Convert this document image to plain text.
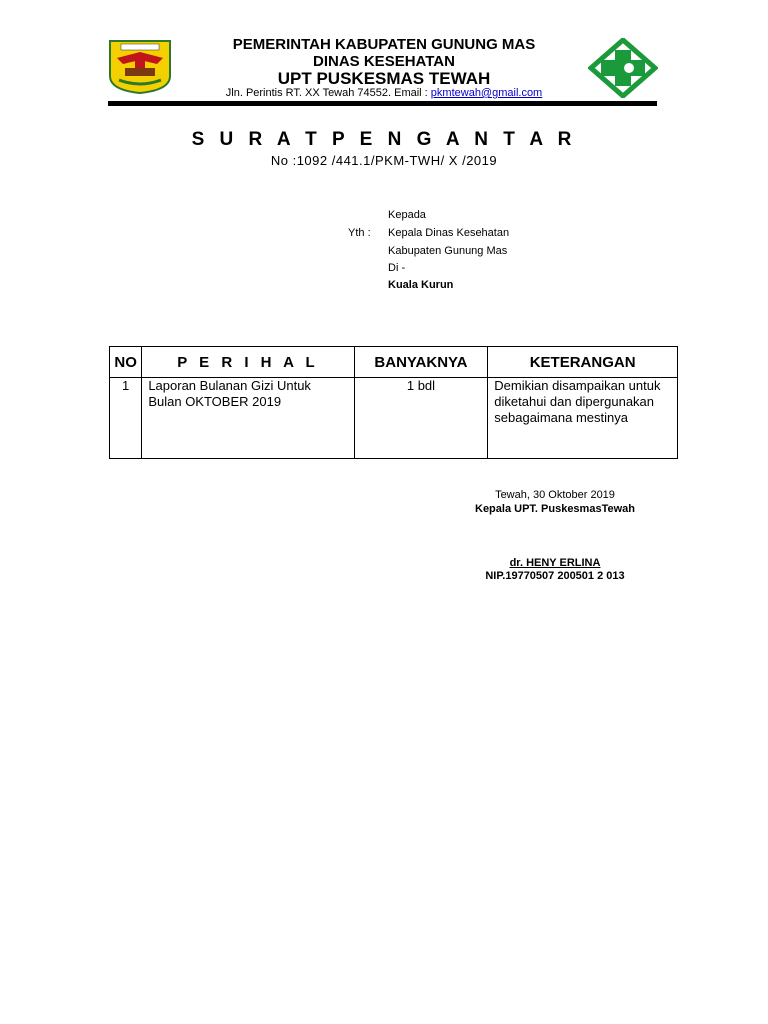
PEMERINTAH KABUPATEN GUNUNG MAS
DINAS KESEHATAN
UPT PUSKESMAS TEWAH
Jln. Perintis RT. XX Tewah 74552. Email : pkmtewah@gmail.com
S U R A T P E N G A N T A R
No :1092 /441.1/PKM-TWH/ X /2019
Kepada
Yth : Kepala Dinas Kesehatan
Kabupaten Gunung Mas
Di -
Kuala Kurun
NO	P E R I H A L	BANYAKNYA	KETERANGAN
1	Laporan Bulanan Gizi Untuk Bulan OKTOBER 2019	1 bdl	Demikian disampaikan untuk diketahui dan dipergunakan sebagaimana mestinya
Tewah, 30 Oktober 2019
Kepala UPT. PuskesmasTewah
dr. HENY ERLINA
NIP.19770507 200501 2 013
